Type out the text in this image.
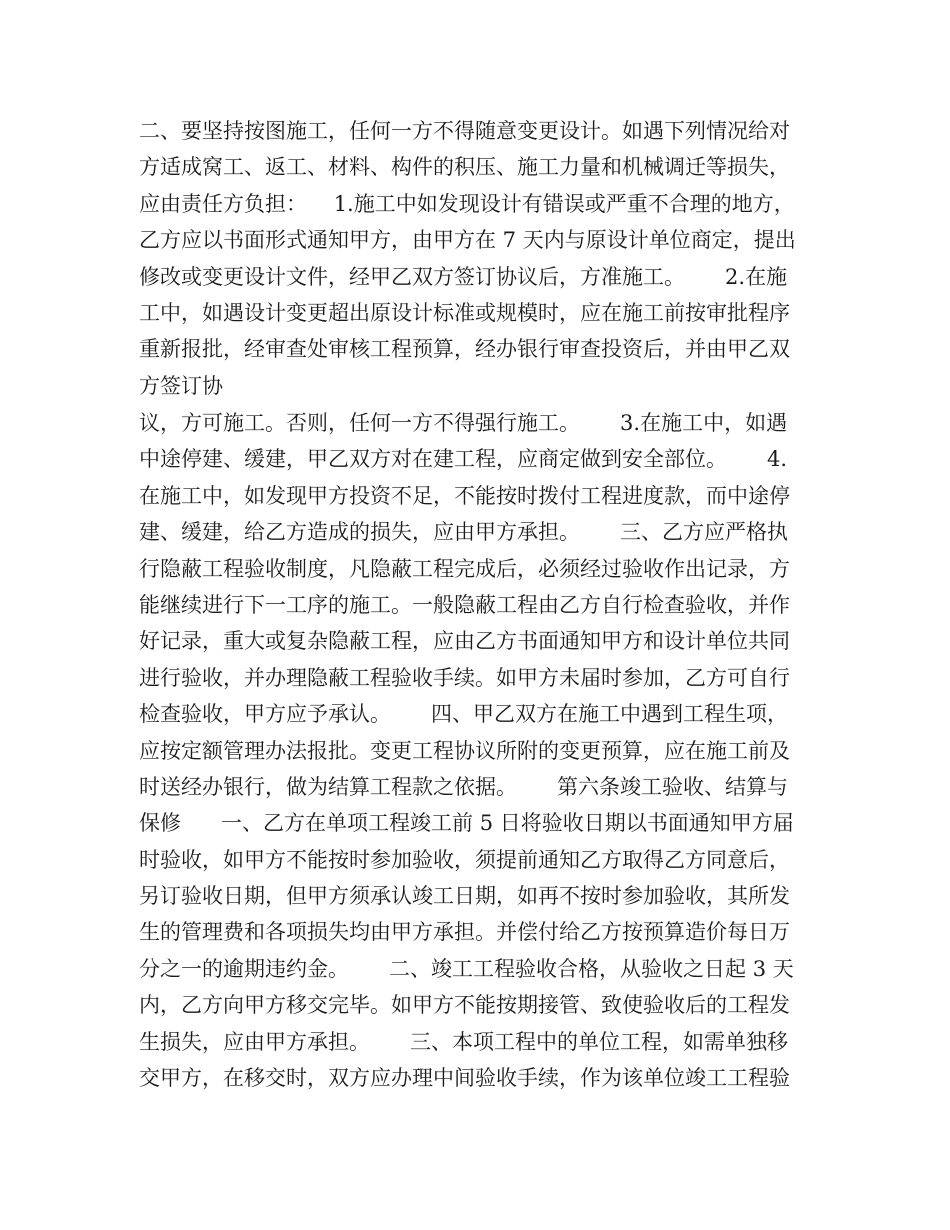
二、要坚持按图施工，任何一方不得随意变更设计。如遇下列情况给对
方适成窝工、返工、材料、构件的积压、施工力量和机械调迁等损失，
应由责任方负担：    1.施工中如发现设计有错误或严重不合理的地方，
乙方应以书面形式通知甲方，由甲方在 7 天内与原设计单位商定，提出
修改或变更设计文件，经甲乙双方签订协议后，方准施工。      2.在施
工中，如遇设计变更超出原设计标准或规模时，应在施工前按审批程序
重新报批，经审查处审核工程预算，经办银行审查投资后，并由甲乙双
方签订协
议，方可施工。否则，任何一方不得强行施工。      3.在施工中，如遇
中途停建、缓建，甲乙双方对在建工程，应商定做到安全部位。      4.
在施工中，如发现甲方投资不足，不能按时拨付工程进度款，而中途停
建、缓建，给乙方造成的损失，应由甲方承担。      三、乙方应严格执
行隐蔽工程验收制度，凡隐蔽工程完成后，必须经过验收作出记录，方
能继续进行下一工序的施工。一般隐蔽工程由乙方自行检查验收，并作
好记录，重大或复杂隐蔽工程，应由乙方书面通知甲方和设计单位共同
进行验收，并办理隐蔽工程验收手续。如甲方未届时参加，乙方可自行
检查验收，甲方应予承认。      四、甲乙双方在施工中遇到工程生项，
应按定额管理办法报批。变更工程协议所附的变更预算，应在施工前及
时送经办银行，做为结算工程款之依据。      第六条竣工验收、结算与
保修      一、乙方在单项工程竣工前 5 日将验收日期以书面通知甲方届
时验收，如甲方不能按时参加验收，须提前通知乙方取得乙方同意后，
另订验收日期，但甲方须承认竣工日期，如再不按时参加验收，其所发
生的管理费和各项损失均由甲方承担。并偿付给乙方按预算造价每日万
分之一的逾期违约金。      二、竣工工程验收合格，从验收之日起 3 天
内，乙方向甲方移交完毕。如甲方不能按期接管、致使验收后的工程发
生损失，应由甲方承担。      三、本项工程中的单位工程，如需单独移
交甲方，在移交时，双方应办理中间验收手续，作为该单位竣工工程验
